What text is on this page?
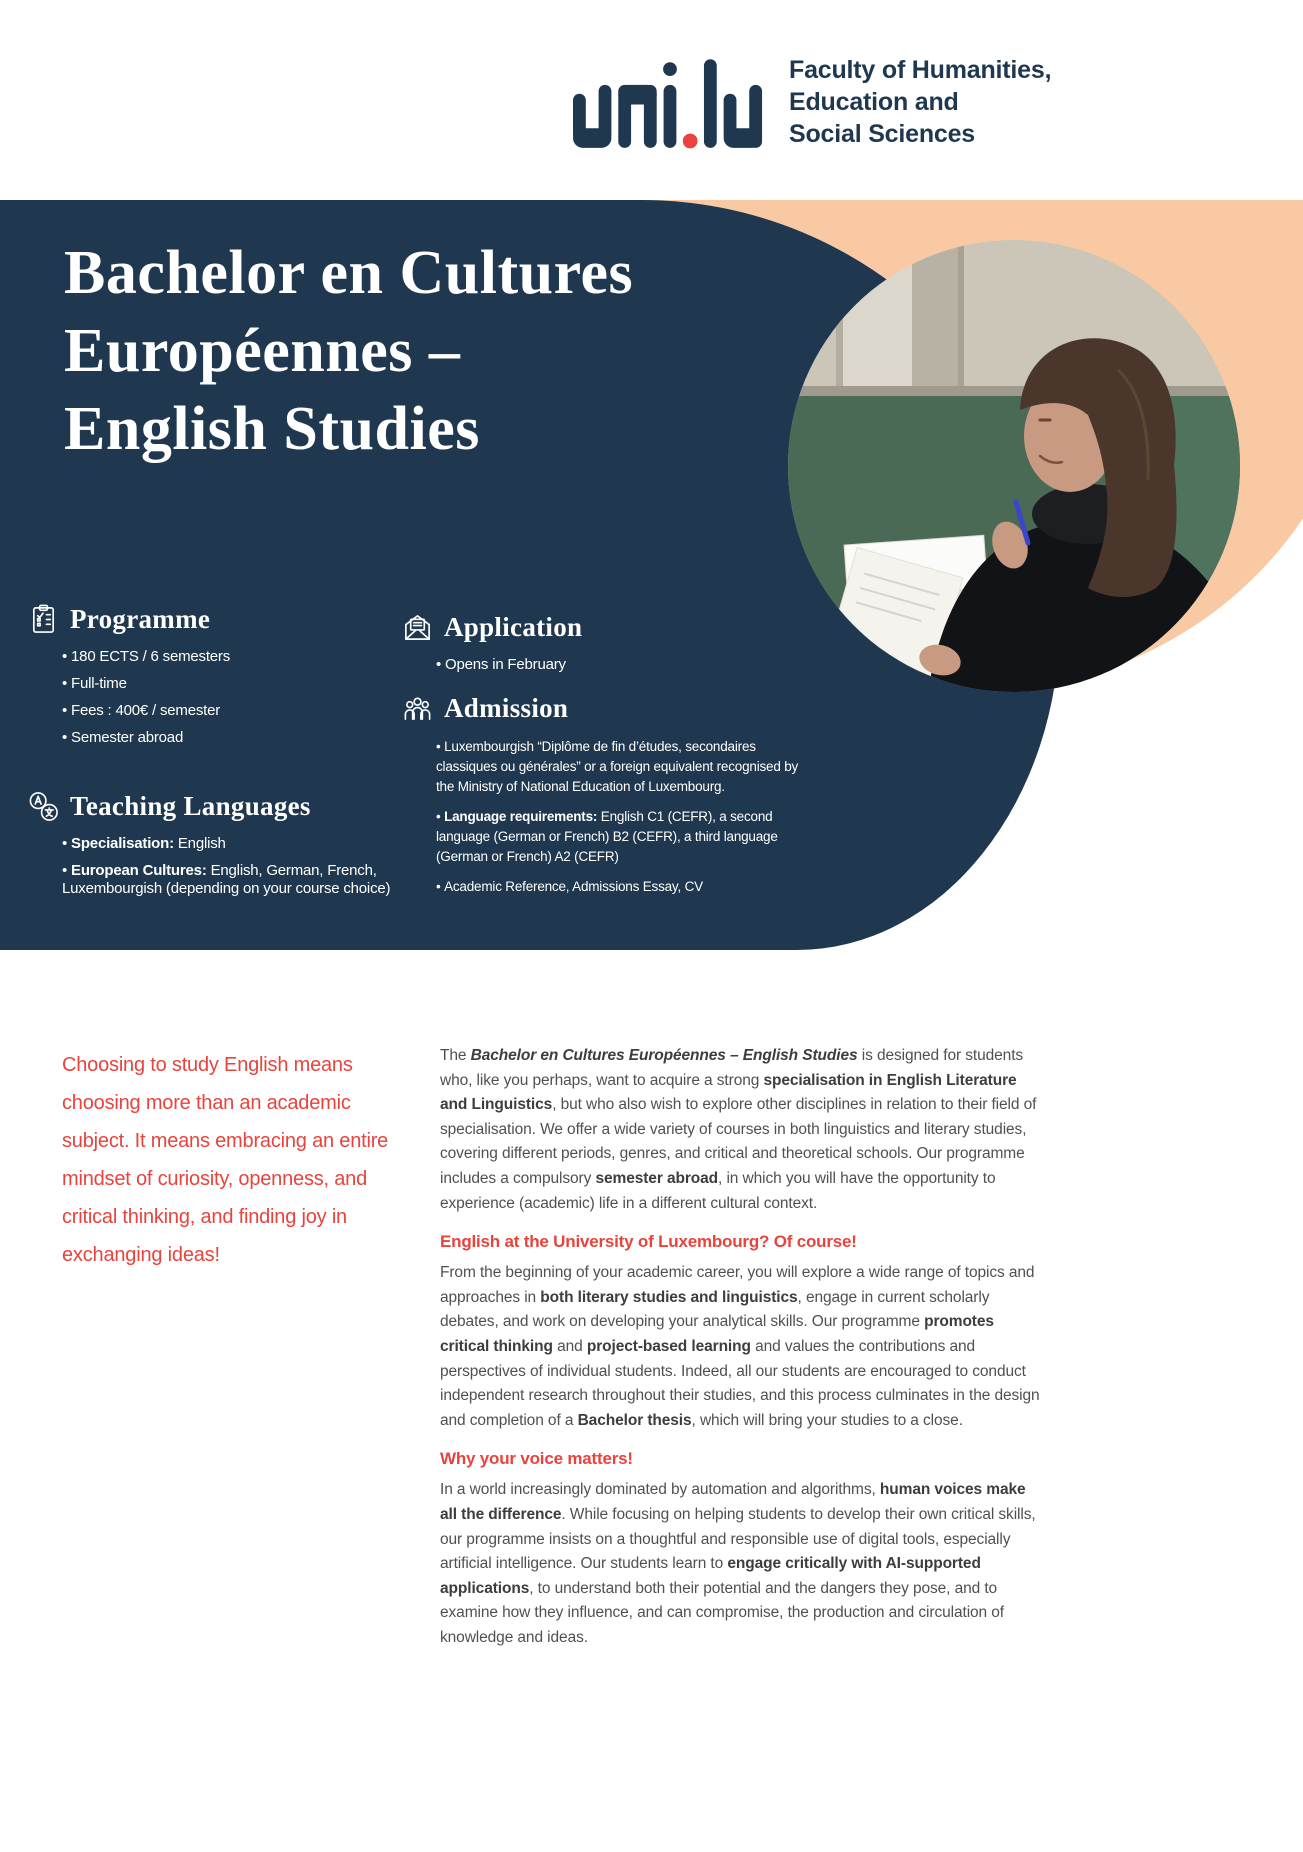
Faculty of Humanities,
Education and
Social Sciences
Bachelor en Cultures
Européennes –
English Studies
Programme
• 180 ECTS / 6 semesters
• Full-time
• Fees : 400€ / semester
• Semester abroad
Teaching Languages
• Specialisation: English
• European Cultures: English, German, French, Luxembourgish (depending on your course choice)
Application
• Opens in February
Admission
• Luxembourgish “Diplôme de fin d’études, secondaires classiques ou générales” or a foreign equivalent recognised by the Ministry of National Education of Luxembourg.
• Language requirements: English C1 (CEFR), a second language (German or French) B2 (CEFR), a third language (German or French) A2 (CEFR)
• Academic Reference, Admissions Essay, CV
Choosing to study English means choosing more than an academic subject. It means embracing an entire mindset of curiosity, openness, and critical thinking, and finding joy in exchanging ideas!

The Bachelor en Cultures Européennes – English Studies is designed for students who, like you perhaps, want to acquire a strong specialisation in English Literature and Linguistics, but who also wish to explore other disciplines in relation to their field of specialisation. We offer a wide variety of courses in both linguistics and literary studies, covering different periods, genres, and critical and theoretical schools. Our programme includes a compulsory semester abroad, in which you will have the opportunity to experience (academic) life in a different cultural context.

English at the University of Luxembourg? Of course!

From the beginning of your academic career, you will explore a wide range of topics and approaches in both literary studies and linguistics, engage in current scholarly debates, and work on developing your analytical skills. Our programme promotes critical thinking and project-based learning and values the contributions and perspectives of individual students. Indeed, all our students are encouraged to conduct independent research throughout their studies, and this process culminates in the design and completion of a Bachelor thesis, which will bring your studies to a close.

Why your voice matters!

In a world increasingly dominated by automation and algorithms, human voices make all the difference. While focusing on helping students to develop their own critical skills, our programme insists on a thoughtful and responsible use of digital tools, especially artificial intelligence. Our students learn to engage critically with AI-supported applications, to understand both their potential and the dangers they pose, and to examine how they influence, and can compromise, the production and circulation of knowledge and ideas.
